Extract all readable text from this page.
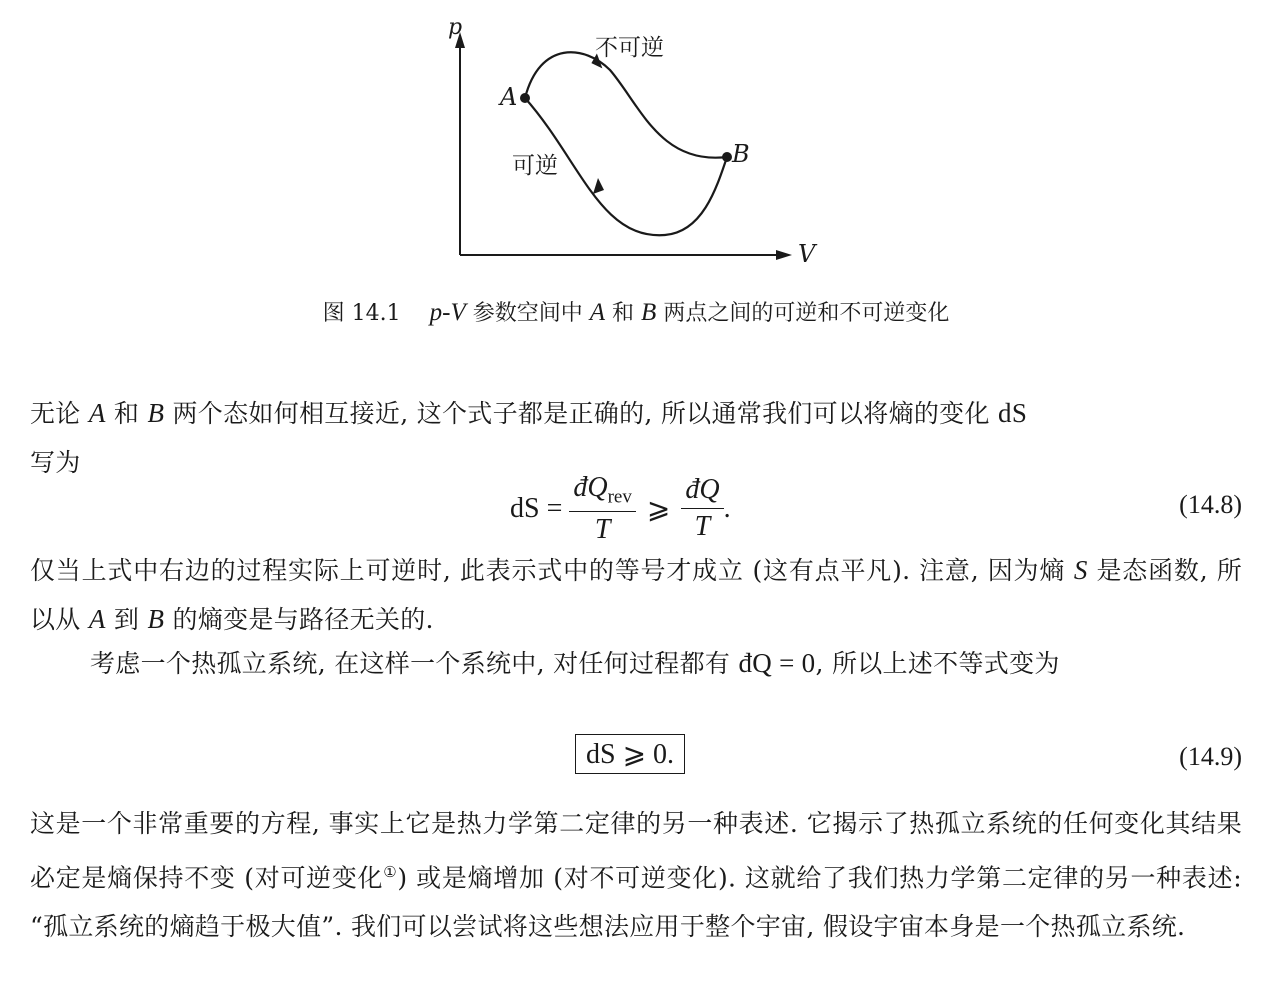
p
V
A
B
不可逆
可逆
图 14.1 p-V 参数空间中 A 和 B 两点之间的可逆和不可逆变化

无论 A 和 B 两个态如何相互接近, 这个式子都是正确的, 所以通常我们可以将熵的变化 dS
写为

dS = $\frac{đQ_{rev}}{T}$ ⩾ $\frac{đQ}{T}$ .	(14.8)

仅当上式中右边的过程实际上可逆时, 此表示式中的等号才成立 (这有点平凡). 注意, 因为熵 S 是态函数, 所以从 A 到 B 的熵变是与路径无关的.

考虑一个热孤立系统, 在这样一个系统中, 对任何过程都有 đQ = 0, 所以上述不等式变为

dS ⩾ 0.	(14.9)

这是一个非常重要的方程, 事实上它是热力学第二定律的另一种表述. 它揭示了热孤立系统的任何变化其结果必定是熵保持不变 (对可逆变化①) 或是熵增加 (对不可逆变化). 这就给了我们热力学第二定律的另一种表述: “孤立系统的熵趋于极大值”. 我们可以尝试将这些想法应用于整个宇宙, 假设宇宙本身是一个热孤立系统.
